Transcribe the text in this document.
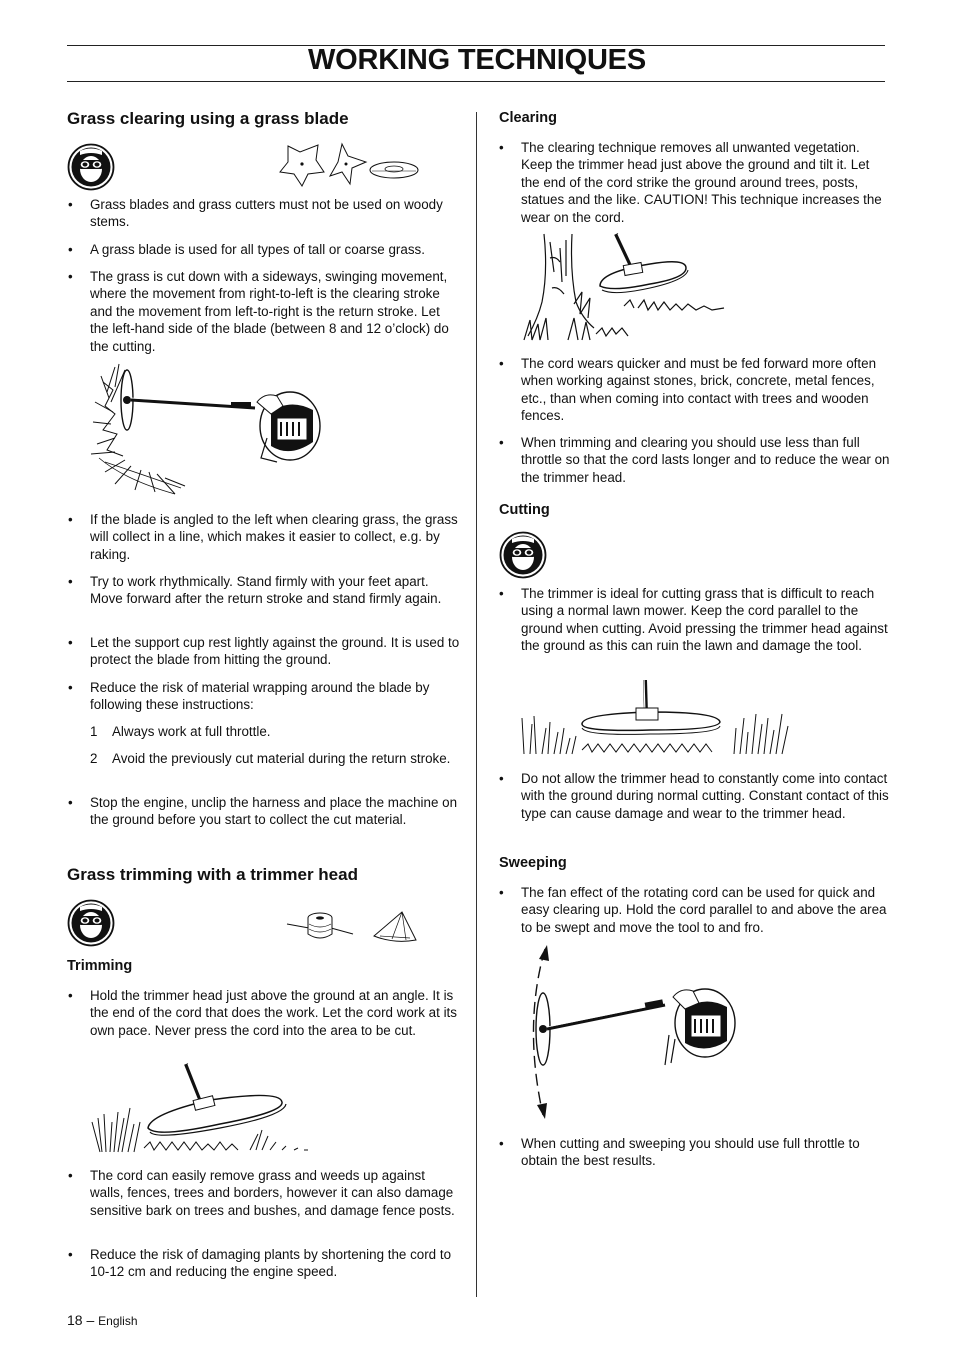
WORKING TECHNIQUES
Grass clearing using a grass blade
• Grass blades and grass cutters must not be used on woody stems.
• A grass blade is used for all types of tall or coarse grass.
• The grass is cut down with a sideways, swinging movement, where the movement from right-to-left is the clearing stroke and the movement from left-to-right is the return stroke. Let the left-hand side of the blade (between 8 and 12 o’clock) do the cutting.
• If the blade is angled to the left when clearing grass, the grass will collect in a line, which makes it easier to collect, e.g. by raking.
• Try to work rhythmically. Stand firmly with your feet apart. Move forward after the return stroke and stand firmly again.
• Let the support cup rest lightly against the ground. It is used to protect the blade from hitting the ground.
• Reduce the risk of material wrapping around the blade by following these instructions:
1 Always work at full throttle.
2 Avoid the previously cut material during the return stroke.
• Stop the engine, unclip the harness and place the machine on the ground before you start to collect the cut material.
Grass trimming with a trimmer head
Trimming
• Hold the trimmer head just above the ground at an angle. It is the end of the cord that does the work. Let the cord work at its own pace. Never press the cord into the area to be cut.
• The cord can easily remove grass and weeds up against walls, fences, trees and borders, however it can also damage sensitive bark on trees and bushes, and damage fence posts.
• Reduce the risk of damaging plants by shortening the cord to 10-12 cm and reducing the engine speed.
Clearing
• The clearing technique removes all unwanted vegetation. Keep the trimmer head just above the ground and tilt it. Let the end of the cord strike the ground around trees, posts, statues and the like. CAUTION! This technique increases the wear on the cord.
• The cord wears quicker and must be fed forward more often when working against stones, brick, concrete, metal fences, etc., than when coming into contact with trees and wooden fences.
• When trimming and clearing you should use less than full throttle so that the cord lasts longer and to reduce the wear on the trimmer head.
Cutting
• The trimmer is ideal for cutting grass that is difficult to reach using a normal lawn mower. Keep the cord parallel to the ground when cutting. Avoid pressing the trimmer head against the ground as this can ruin the lawn and damage the tool.
• Do not allow the trimmer head to constantly come into contact with the ground during normal cutting. Constant contact of this type can cause damage and wear to the trimmer head.
Sweeping
• The fan effect of the rotating cord can be used for quick and easy clearing up. Hold the cord parallel to and above the area to be swept and move the tool to and fro.
• When cutting and sweeping you should use full throttle to obtain the best results.
18 – English
